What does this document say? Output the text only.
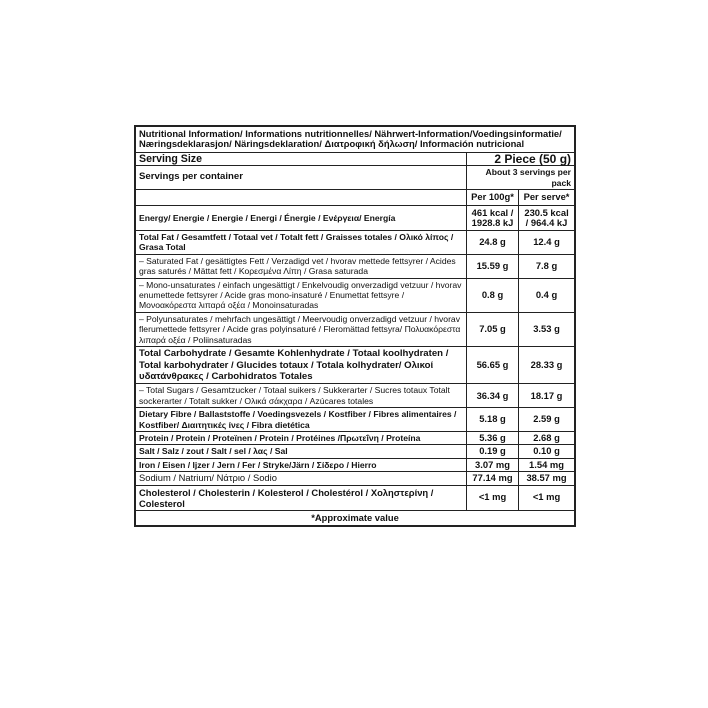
Nutritional Information/ Informations nutritionnelles/ Nährwert-Information/Voedingsinformatie/ Næringsdeklarasjon/ Näringsdeklaration/ Διατροφική δήλωση/ Información nutricional		
Serving Size	2 Piece (50 g)	
Servings per container	About 3 servings per pack	
	Per 100g*	Per serve*
Energy/ Energie / Energie / Energi / Énergie / Ενέργεια/ Energía	461 kcal / 1928.8 kJ	230.5 kcal / 964.4 kJ
Total Fat / Gesamtfett / Totaal vet / Totalt fett / Graisses totales / Ολικό λίπος / Grasa Total	24.8 g	12.4 g
– Saturated Fat / gesättigtes Fett / Verzadigd vet / hvorav mettede fettsyrer / Acides gras saturés / Mättat fett / Κορεσμένα Λίπη / Grasa saturada	15.59 g	7.8 g
– Mono-unsaturates / einfach ungesättigt / Enkelvoudig onverzadigd vetzuur / hvorav enumettede fettsyrer / Acide gras mono-insaturé / Enumettat fettsyre / Μονοακόρεστα λιπαρά οξέα / Monoinsaturadas	0.8 g	0.4 g
– Polyunsaturates / mehrfach ungesättigt / Meervoudig onverzadigd vetzuur / hvorav flerumettede fettsyrer / Acide gras polyinsaturé / Fleromättad fettsyra/ Πολυακόρεστα λιπαρά οξέα / Poliinsaturadas	7.05 g	3.53 g
Total Carbohydrate / Gesamte Kohlenhydrate / Totaal koolhydraten / Total karbohydrater / Glucides totaux / Totala kolhydrater/ Ολικοί υδατάνθρακες / Carbohidratos Totales	56.65 g	28.33 g
– Total Sugars / Gesamtzucker / Totaal suikers / Sukkerarter / Sucres totaux Totalt sockerarter / Totalt sukker / Ολικά σάκχαρα / Azúcares totales	36.34 g	18.17 g
Dietary Fibre / Ballaststoffe / Voedingsvezels / Kostfiber / Fibres alimentaires / Kostfiber/ Διαιτητικές ίνες / Fibra dietética	5.18 g	2.59 g
Protein / Protein / Proteïnen / Protein / Protéines /Πρωτεΐνη / Proteína	5.36 g	2.68 g
Salt / Salz / zout / Salt / sel / λας / Sal	0.19 g	0.10 g
Iron / Eisen / Ijzer / Jern / Fer / Stryke/Järn / Σίδερο / Hierro	3.07 mg	1.54 mg
Sodium / Natrium/ Νάτριο / Sodio	77.14 mg	38.57 mg
Cholesterol / Cholesterin / Kolesterol / Cholestérol / Χοληστερίνη / Colesterol	<1 mg	<1 mg
*Approximate value		
